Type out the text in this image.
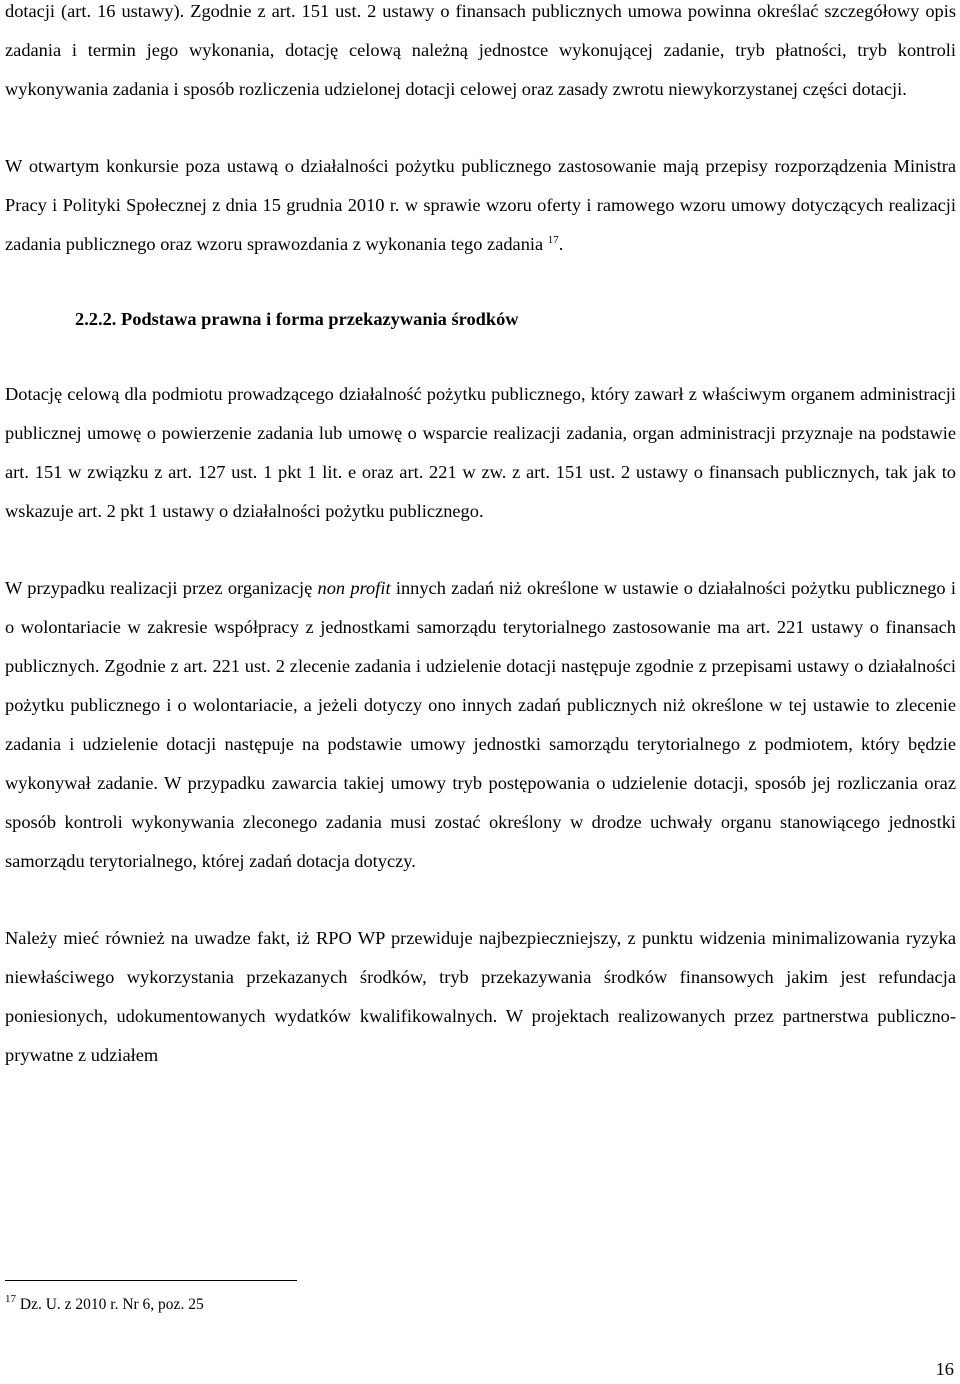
dotacji (art. 16 ustawy). Zgodnie z art. 151 ust. 2 ustawy o finansach publicznych umowa powinna określać szczegółowy opis zadania i termin jego wykonania, dotację celową należną jednostce wykonującej zadanie, tryb płatności, tryb kontroli wykonywania zadania i sposób rozliczenia udzielonej dotacji celowej oraz zasady zwrotu niewykorzystanej części dotacji.

W otwartym konkursie poza ustawą o działalności pożytku publicznego zastosowanie mają przepisy rozporządzenia Ministra Pracy i Polityki Społecznej z dnia 15 grudnia 2010 r. w sprawie wzoru oferty i ramowego wzoru umowy dotyczących realizacji zadania publicznego oraz wzoru sprawozdania z wykonania tego zadania $^{17}$.

2.2.2. Podstawa prawna i forma przekazywania środków

Dotację celową dla podmiotu prowadzącego działalność pożytku publicznego, który zawarł z właściwym organem administracji publicznej umowę o powierzenie zadania lub umowę o wsparcie realizacji zadania, organ administracji przyznaje na podstawie art. 151 w związku z art. 127 ust. 1 pkt 1 lit. e oraz art. 221 w zw. z art. 151 ust. 2 ustawy o finansach publicznych, tak jak to wskazuje art. 2 pkt 1 ustawy o działalności pożytku publicznego.

W przypadku realizacji przez organizację non profit innych zadań niż określone w ustawie o działalności pożytku publicznego i o wolontariacie w zakresie współpracy z jednostkami samorządu terytorialnego zastosowanie ma art. 221 ustawy o finansach publicznych. Zgodnie z art. 221 ust. 2 zlecenie zadania i udzielenie dotacji następuje zgodnie z przepisami ustawy o działalności pożytku publicznego i o wolontariacie, a jeżeli dotyczy ono innych zadań publicznych niż określone w tej ustawie to zlecenie zadania i udzielenie dotacji następuje na podstawie umowy jednostki samorządu terytorialnego z podmiotem, który będzie wykonywał zadanie. W przypadku zawarcia takiej umowy tryb postępowania o udzielenie dotacji, sposób jej rozliczania oraz sposób kontroli wykonywania zleconego zadania musi zostać określony w drodze uchwały organu stanowiącego jednostki samorządu terytorialnego, której zadań dotacja dotyczy.

Należy mieć również na uwadze fakt, iż RPO WP przewiduje najbezpieczniejszy, z punktu widzenia minimalizowania ryzyka niewłaściwego wykorzystania przekazanych środków, tryb przekazywania środków finansowych jakim jest refundacja poniesionych, udokumentowanych wydatków kwalifikowalnych. W projektach realizowanych przez partnerstwa publiczno-prywatne z udziałem

$^{17}$ Dz. U. z 2010 r. Nr 6, poz. 25
16
